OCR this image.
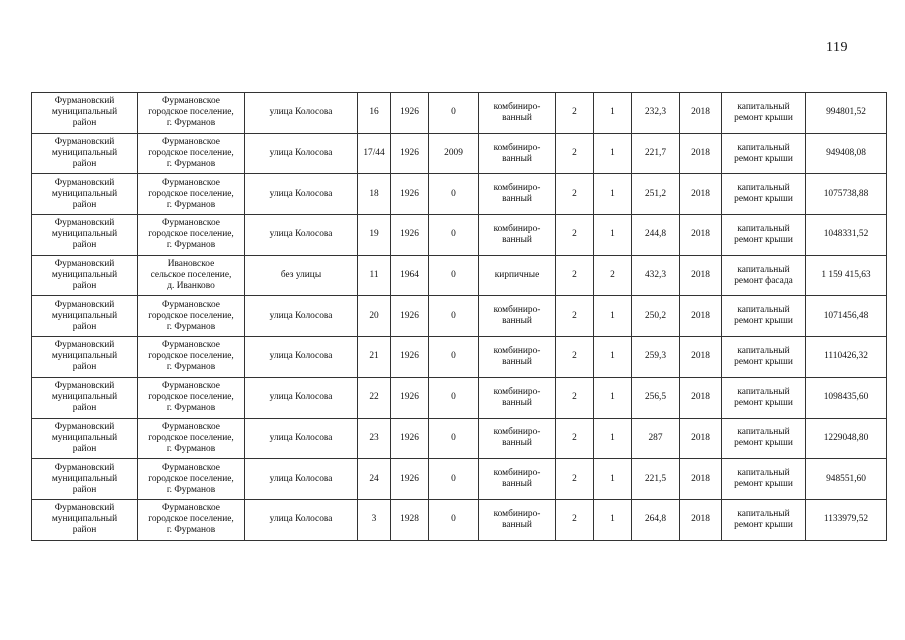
119
Фурмановский
муниципальный
район	Фурмановское
городское поселение,
г. Фурманов	улица Колосова	16	1926	0	комбиниро-
ванный	2	1	232,3	2018	капитальный
ремонт крыши	994801,52
Фурмановский
муниципальный
район	Фурмановское
городское поселение,
г. Фурманов	улица Колосова	17/44	1926	2009	комбиниро-
ванный	2	1	221,7	2018	капитальный
ремонт крыши	949408,08
Фурмановский
муниципальный
район	Фурмановское
городское поселение,
г. Фурманов	улица Колосова	18	1926	0	комбиниро-
ванный	2	1	251,2	2018	капитальный
ремонт крыши	1075738,88
Фурмановский
муниципальный
район	Фурмановское
городское поселение,
г. Фурманов	улица Колосова	19	1926	0	комбиниро-
ванный	2	1	244,8	2018	капитальный
ремонт крыши	1048331,52
Фурмановский
муниципальный
район	Ивановское
сельское поселение,
д. Иванково	без улицы	11	1964	0	кирпичные	2	2	432,3	2018	капитальный
ремонт фасада	1 159 415,63
Фурмановский
муниципальный
район	Фурмановское
городское поселение,
г. Фурманов	улица Колосова	20	1926	0	комбиниро-
ванный	2	1	250,2	2018	капитальный
ремонт крыши	1071456,48
Фурмановский
муниципальный
район	Фурмановское
городское поселение,
г. Фурманов	улица Колосова	21	1926	0	комбиниро-
ванный	2	1	259,3	2018	капитальный
ремонт крыши	1110426,32
Фурмановский
муниципальный
район	Фурмановское
городское поселение,
г. Фурманов	улица Колосова	22	1926	0	комбиниро-
ванный	2	1	256,5	2018	капитальный
ремонт крыши	1098435,60
Фурмановский
муниципальный
район	Фурмановское
городское поселение,
г. Фурманов	улица Колосова	23	1926	0	комбиниро-
ванный	2	1	287	2018	капитальный
ремонт крыши	1229048,80
Фурмановский
муниципальный
район	Фурмановское
городское поселение,
г. Фурманов	улица Колосова	24	1926	0	комбиниро-
ванный	2	1	221,5	2018	капитальный
ремонт крыши	948551,60
Фурмановский
муниципальный
район	Фурмановское
городское поселение,
г. Фурманов	улица Колосова	3	1928	0	комбиниро-
ванный	2	1	264,8	2018	капитальный
ремонт крыши	1133979,52
